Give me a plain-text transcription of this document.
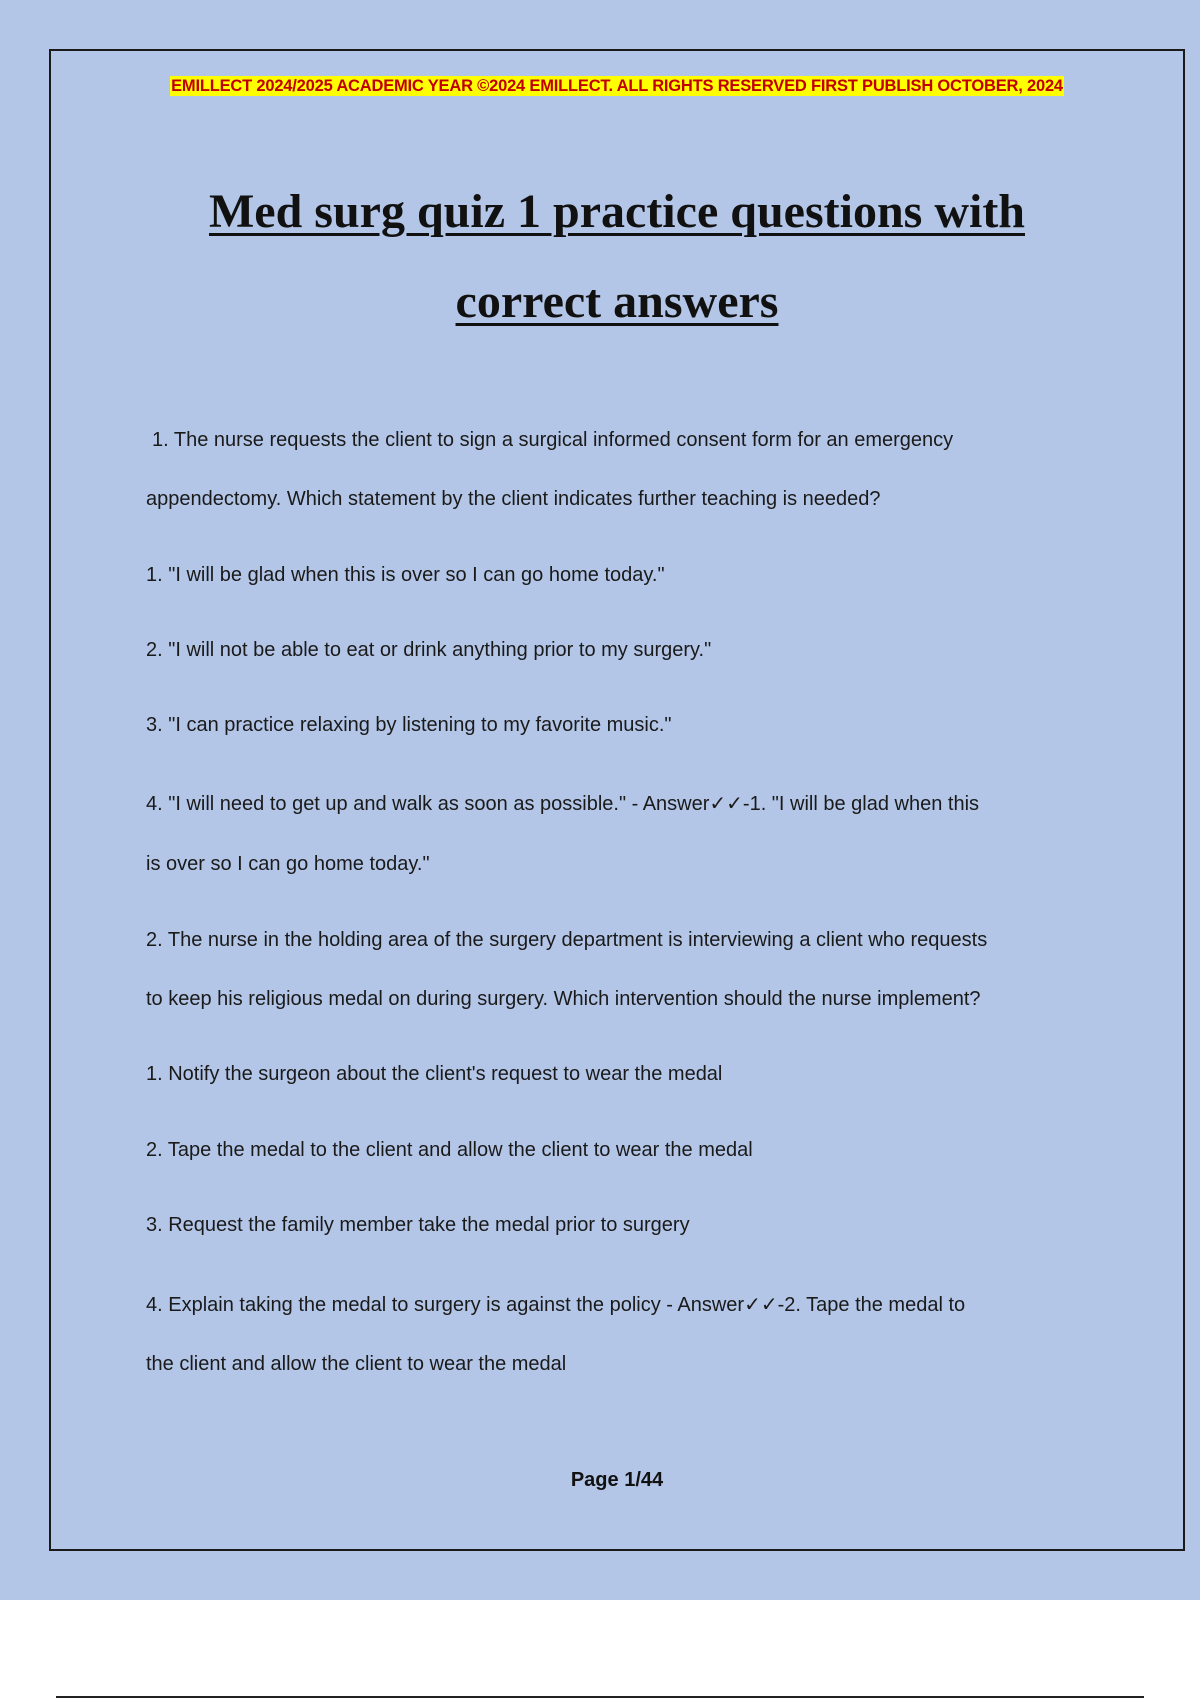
EMILLECT 2024/2025 ACADEMIC YEAR ©2024 EMILLECT. ALL RIGHTS RESERVED FIRST PUBLISH OCTOBER, 2024
Med surg quiz 1 practice questions with
correct answers
1. The nurse requests the client to sign a surgical informed consent form for an emergency
appendectomy. Which statement by the client indicates further teaching is needed?
1. "I will be glad when this is over so I can go home today."
2. "I will not be able to eat or drink anything prior to my surgery."
3. "I can practice relaxing by listening to my favorite music."
4. "I will need to get up and walk as soon as possible." - Answer✓✓-1. "I will be glad when this
is over so I can go home today."
2. The nurse in the holding area of the surgery department is interviewing a client who requests
to keep his religious medal on during surgery. Which intervention should the nurse implement?
1. Notify the surgeon about the client's request to wear the medal
2. Tape the medal to the client and allow the client to wear the medal
3. Request the family member take the medal prior to surgery
4. Explain taking the medal to surgery is against the policy - Answer✓✓-2. Tape the medal to
the client and allow the client to wear the medal
Page 1/44
